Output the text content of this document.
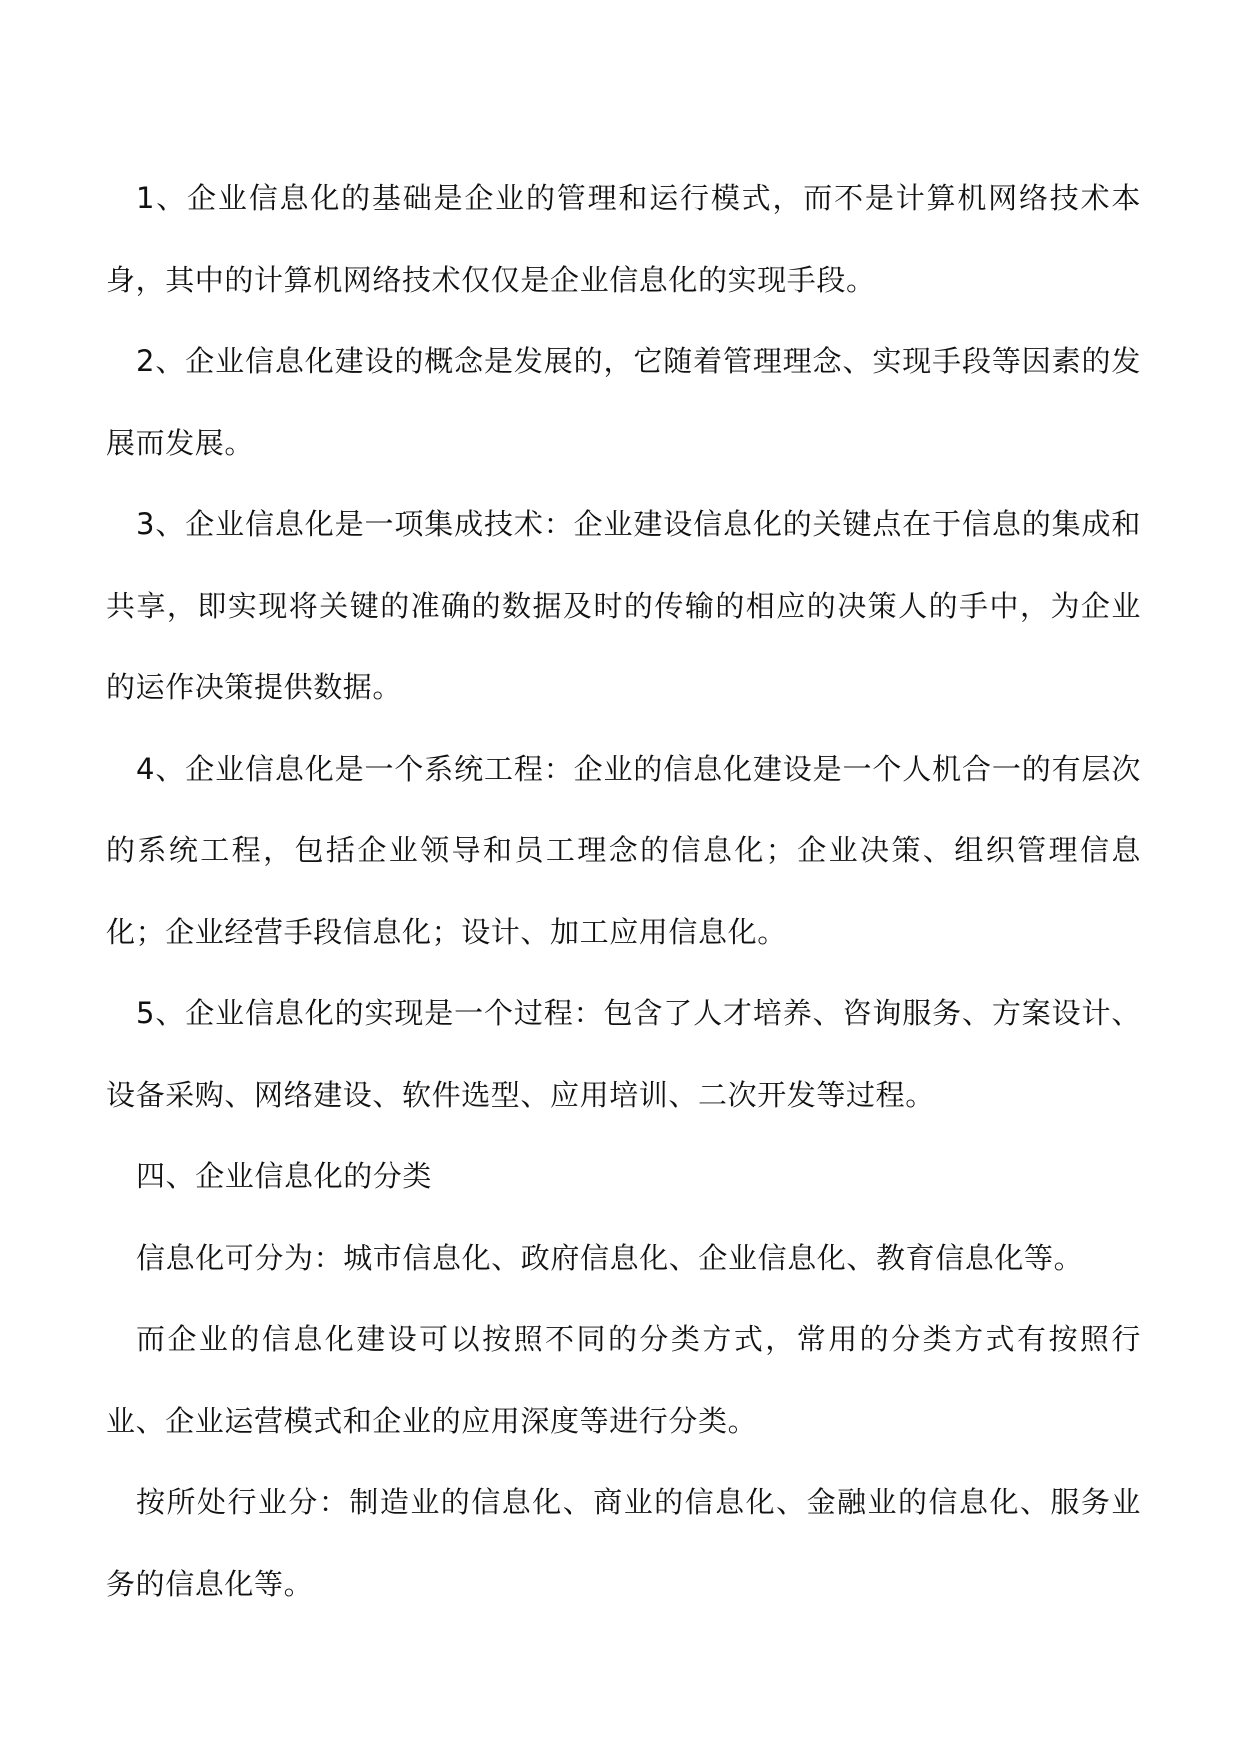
1、企业信息化的基础是企业的管理和运行模式，而不是计算机网络技术本身，其中的计算机网络技术仅仅是企业信息化的实现手段。

2、企业信息化建设的概念是发展的，它随着管理理念、实现手段等因素的发展而发展。

3、企业信息化是一项集成技术：企业建设信息化的关键点在于信息的集成和共享，即实现将关键的准确的数据及时的传输的相应的决策人的手中，为企业的运作决策提供数据。

4、企业信息化是一个系统工程：企业的信息化建设是一个人机合一的有层次的系统工程，包括企业领导和员工理念的信息化；企业决策、组织管理信息化；企业经营手段信息化；设计、加工应用信息化。

5、企业信息化的实现是一个过程：包含了人才培养、咨询服务、方案设计、设备采购、网络建设、软件选型、应用培训、二次开发等过程。

四、企业信息化的分类

信息化可分为：城市信息化、政府信息化、企业信息化、教育信息化等。

而企业的信息化建设可以按照不同的分类方式，常用的分类方式有按照行业、企业运营模式和企业的应用深度等进行分类。

按所处行业分：制造业的信息化、商业的信息化、金融业的信息化、服务业务的信息化等。
